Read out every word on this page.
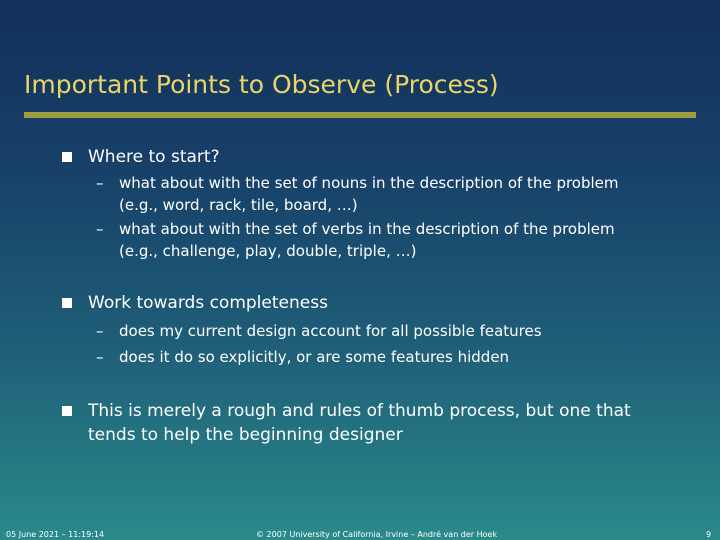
Important Points to Observe (Process)
Where to start?
– what about with the set of nouns in the description of the problem
(e.g., word, rack, tile, board, …)
– what about with the set of verbs in the description of the problem
(e.g., challenge, play, double, triple, …)
Work towards completeness
– does my current design account for all possible features
– does it do so explicitly, or are some features hidden
This is merely a rough and rules of thumb process, but one that
tends to help the beginning designer
05 June 2021 – 11:19:14	© 2007 University of California, Irvine – André van der Hoek	9
